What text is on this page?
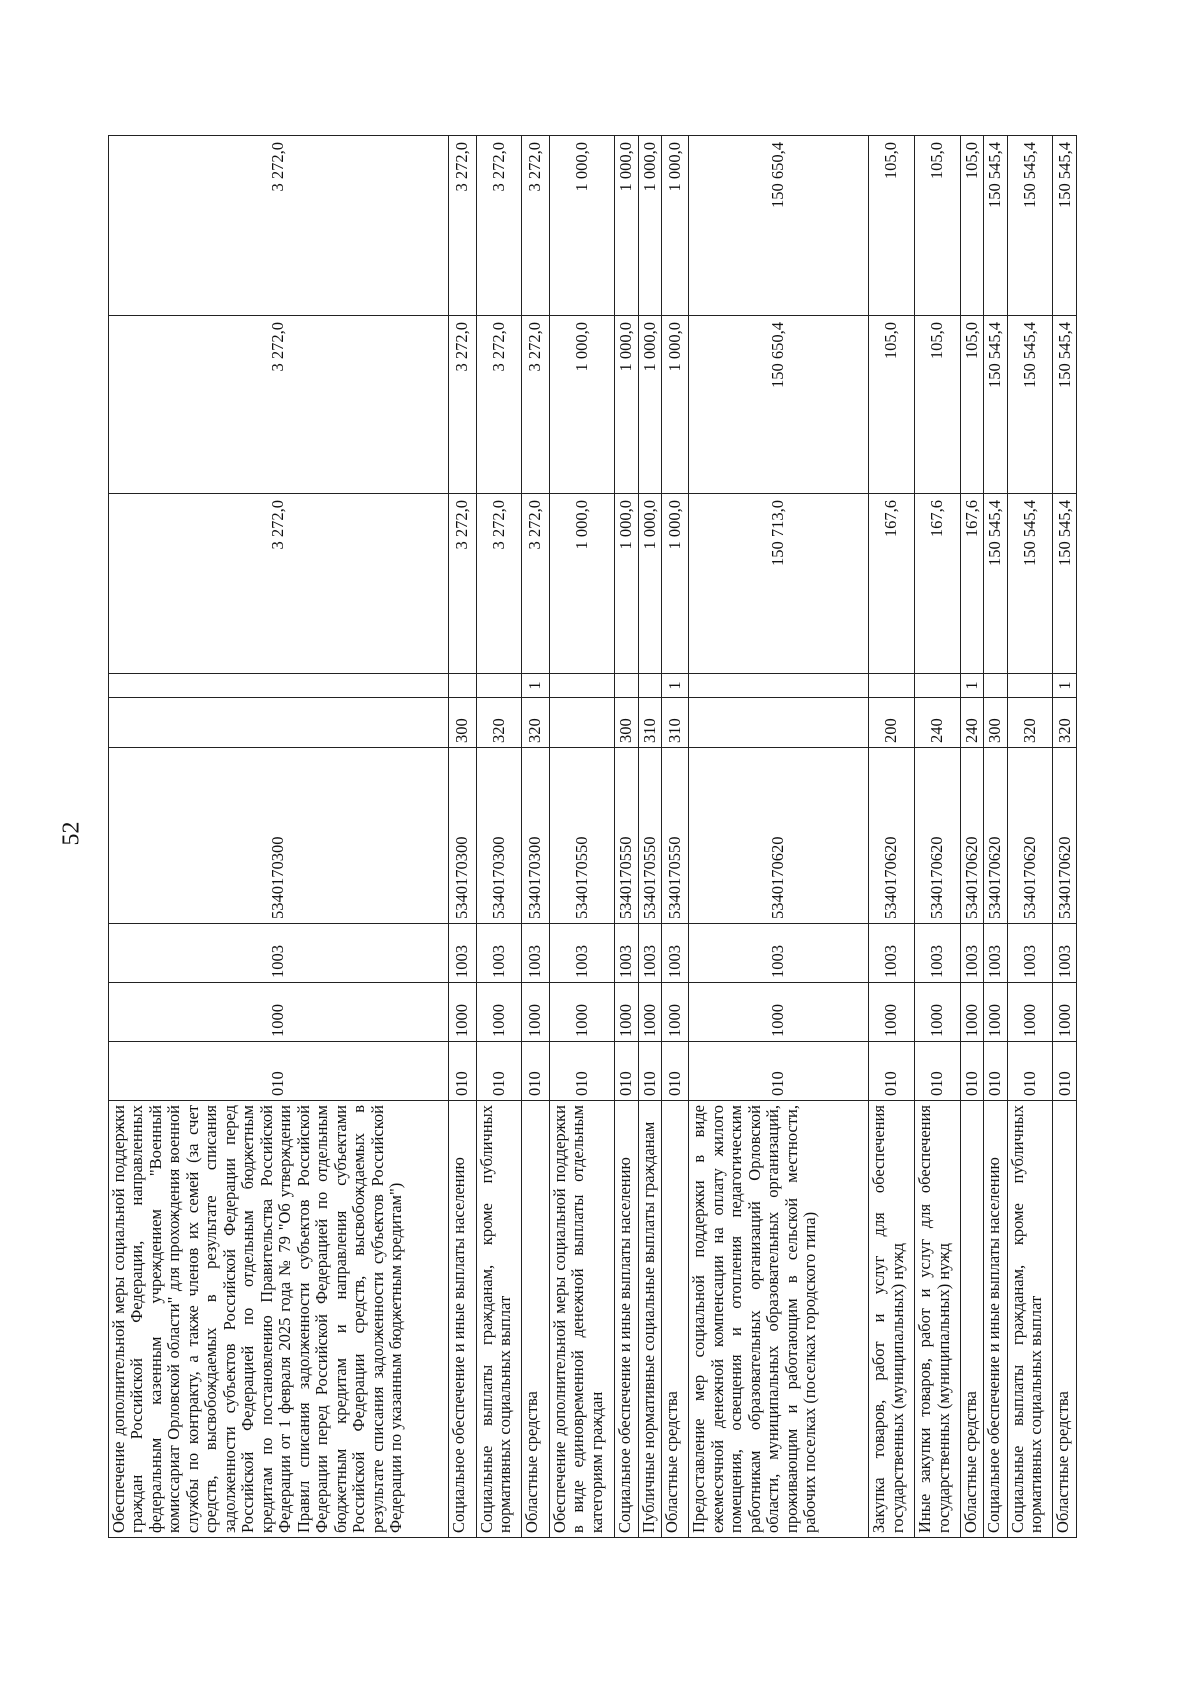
52
Обеспечение дополнительной меры социальной поддержки граждан Российской Федерации, направленных федеральным казенным учреждением "Военный комиссариат Орловской области" для прохождения военной службы по контракту, а также членов их семей (за счет средств, высвобождаемых в результате списания задолженности субъектов Российской Федерации перед Российской Федерацией по отдельным бюджетным кредитам по постановлению Правительства Российской Федерации от 1 февраля 2025 года № 79 "Об утверждении Правил списания задолженности субъектов Российской Федерации перед Российской Федерацией по отдельным бюджетным кредитам и направления субъектами Российской Федерации средств, высвобождаемых в результате списания задолженности субъектов Российской Федерации по указанным бюджетным кредитам")	010	1000	1003	5340170300			3 272,0	3 272,0	3 272,0
Социальное обеспечение и иные выплаты населению	010	1000	1003	5340170300	300		3 272,0	3 272,0	3 272,0
Социальные выплаты гражданам, кроме публичных нормативных социальных выплат	010	1000	1003	5340170300	320		3 272,0	3 272,0	3 272,0
Областные средства	010	1000	1003	5340170300	320	1	3 272,0	3 272,0	3 272,0
Обеспечение дополнительной меры социальной поддержки в виде единовременной денежной выплаты отдельным категориям граждан	010	1000	1003	5340170550			1 000,0	1 000,0	1 000,0
Социальное обеспечение и иные выплаты населению	010	1000	1003	5340170550	300		1 000,0	1 000,0	1 000,0
Публичные нормативные социальные выплаты гражданам	010	1000	1003	5340170550	310		1 000,0	1 000,0	1 000,0
Областные средства	010	1000	1003	5340170550	310	1	1 000,0	1 000,0	1 000,0
Предоставление мер социальной поддержки в виде ежемесячной денежной компенсации на оплату жилого помещения, освещения и отопления педагогическим работникам образовательных организаций Орловской области, муниципальных образовательных организаций, проживающим и работающим в сельской местности, рабочих поселках (поселках городского типа)	010	1000	1003	5340170620			150 713,0	150 650,4	150 650,4
Закупка товаров, работ и услуг для обеспечения государственных (муниципальных) нужд	010	1000	1003	5340170620	200		167,6	105,0	105,0
Иные закупки товаров, работ и услуг для обеспечения государственных (муниципальных) нужд	010	1000	1003	5340170620	240		167,6	105,0	105,0
Областные средства	010	1000	1003	5340170620	240	1	167,6	105,0	105,0
Социальное обеспечение и иные выплаты населению	010	1000	1003	5340170620	300		150 545,4	150 545,4	150 545,4
Социальные выплаты гражданам, кроме публичных нормативных социальных выплат	010	1000	1003	5340170620	320		150 545,4	150 545,4	150 545,4
Областные средства	010	1000	1003	5340170620	320	1	150 545,4	150 545,4	150 545,4
